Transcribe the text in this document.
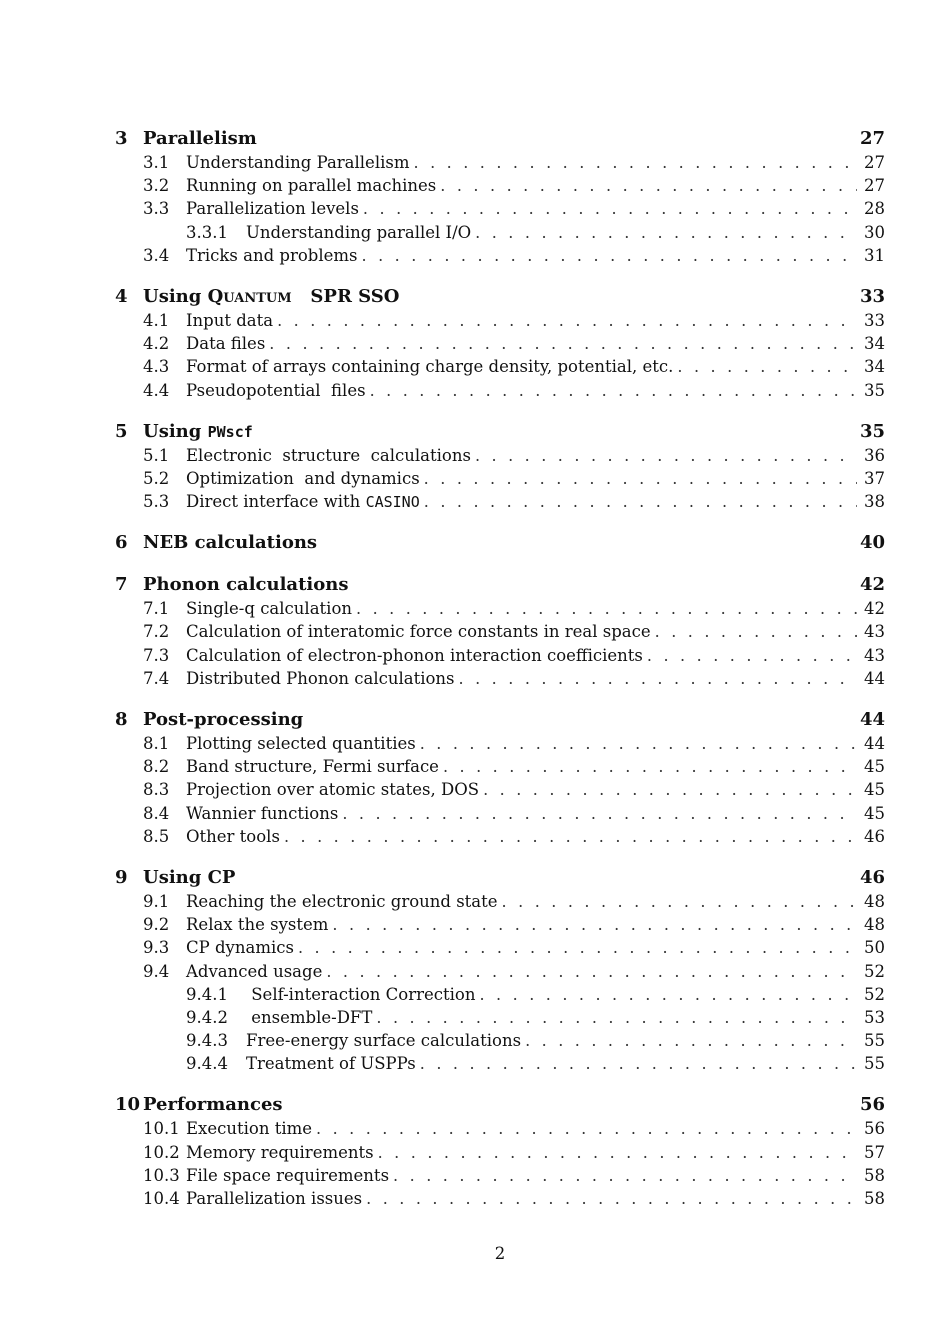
3 Parallelism	27
3.1	Understanding Parallelism . . .	27
3.2	Running on parallel machines . . .	27
3.3	Parallelization levels . . .	28
3.3.1	Understanding parallel I/O . . .	30
3.4	Tricks and problems . . .	31
4 Using Quantum   SPR SSO	33
4.1	Input data . . .	33
4.2	Data files . . .	34
4.3	Format of arrays containing charge density, potential, etc. . . .	34
4.4	Pseudopotential  files . . .	35
5 Using PWscf	35
5.1	Electronic  structure  calculations . . .	36
5.2	Optimization  and dynamics . . .	37
5.3	Direct interface with CASINO . . .	38
6 NEB calculations	40
7 Phonon calculations	42
7.1	Single-q calculation . . .	42
7.2	Calculation of interatomic force constants in real space . . .	43
7.3	Calculation of electron-phonon interaction coefficients . . .	43
7.4	Distributed Phonon calculations . . .	44
8 Post-processing	44
8.1	Plotting selected quantities . . .	44
8.2	Band structure, Fermi surface . . .	45
8.3	Projection over atomic states, DOS . . .	45
8.4	Wannier functions . . .	45
8.5	Other tools . . .	46
9 Using CP	46
9.1	Reaching the electronic ground state . . .	48
9.2	Relax the system . . .	48
9.3	CP dynamics . . .	50
9.4	Advanced usage . . .	52
9.4.1	Self-interaction Correction . . .	52
9.4.2	ensemble-DFT . . .	53
9.4.3	Free-energy surface calculations . . .	55
9.4.4	Treatment of USPPs . . .	55
10 Performances	56
10.1 Execution time . . .	56
10.2 Memory requirements . . .	57
10.3 File space requirements . . .	58
10.4 Parallelization issues . . .	58
2
